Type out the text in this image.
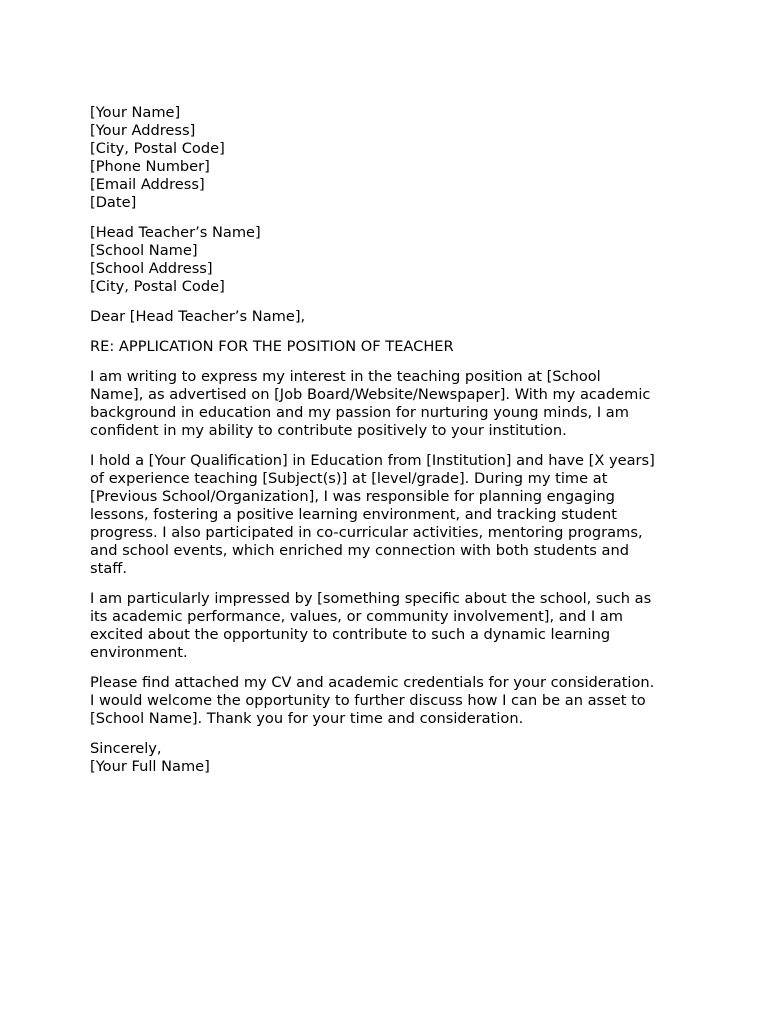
[Your Name]
[Your Address]
[City, Postal Code]
[Phone Number]
[Email Address]
[Date]
[Head Teacher’s Name]
[School Name]
[School Address]
[City, Postal Code]

Dear [Head Teacher’s Name],

RE: APPLICATION FOR THE POSITION OF TEACHER

I am writing to express my interest in the teaching position at [School
Name], as advertised on [Job Board/Website/Newspaper]. With my academic
background in education and my passion for nurturing young minds, I am
confident in my ability to contribute positively to your institution.

I hold a [Your Qualification] in Education from [Institution] and have [X years]
of experience teaching [Subject(s)] at [level/grade]. During my time at
[Previous School/Organization], I was responsible for planning engaging
lessons, fostering a positive learning environment, and tracking student
progress. I also participated in co-curricular activities, mentoring programs,
and school events, which enriched my connection with both students and
staff.

I am particularly impressed by [something specific about the school, such as
its academic performance, values, or community involvement], and I am
excited about the opportunity to contribute to such a dynamic learning
environment.

Please find attached my CV and academic credentials for your consideration.
I would welcome the opportunity to further discuss how I can be an asset to
[School Name]. Thank you for your time and consideration.

Sincerely,
[Your Full Name]
